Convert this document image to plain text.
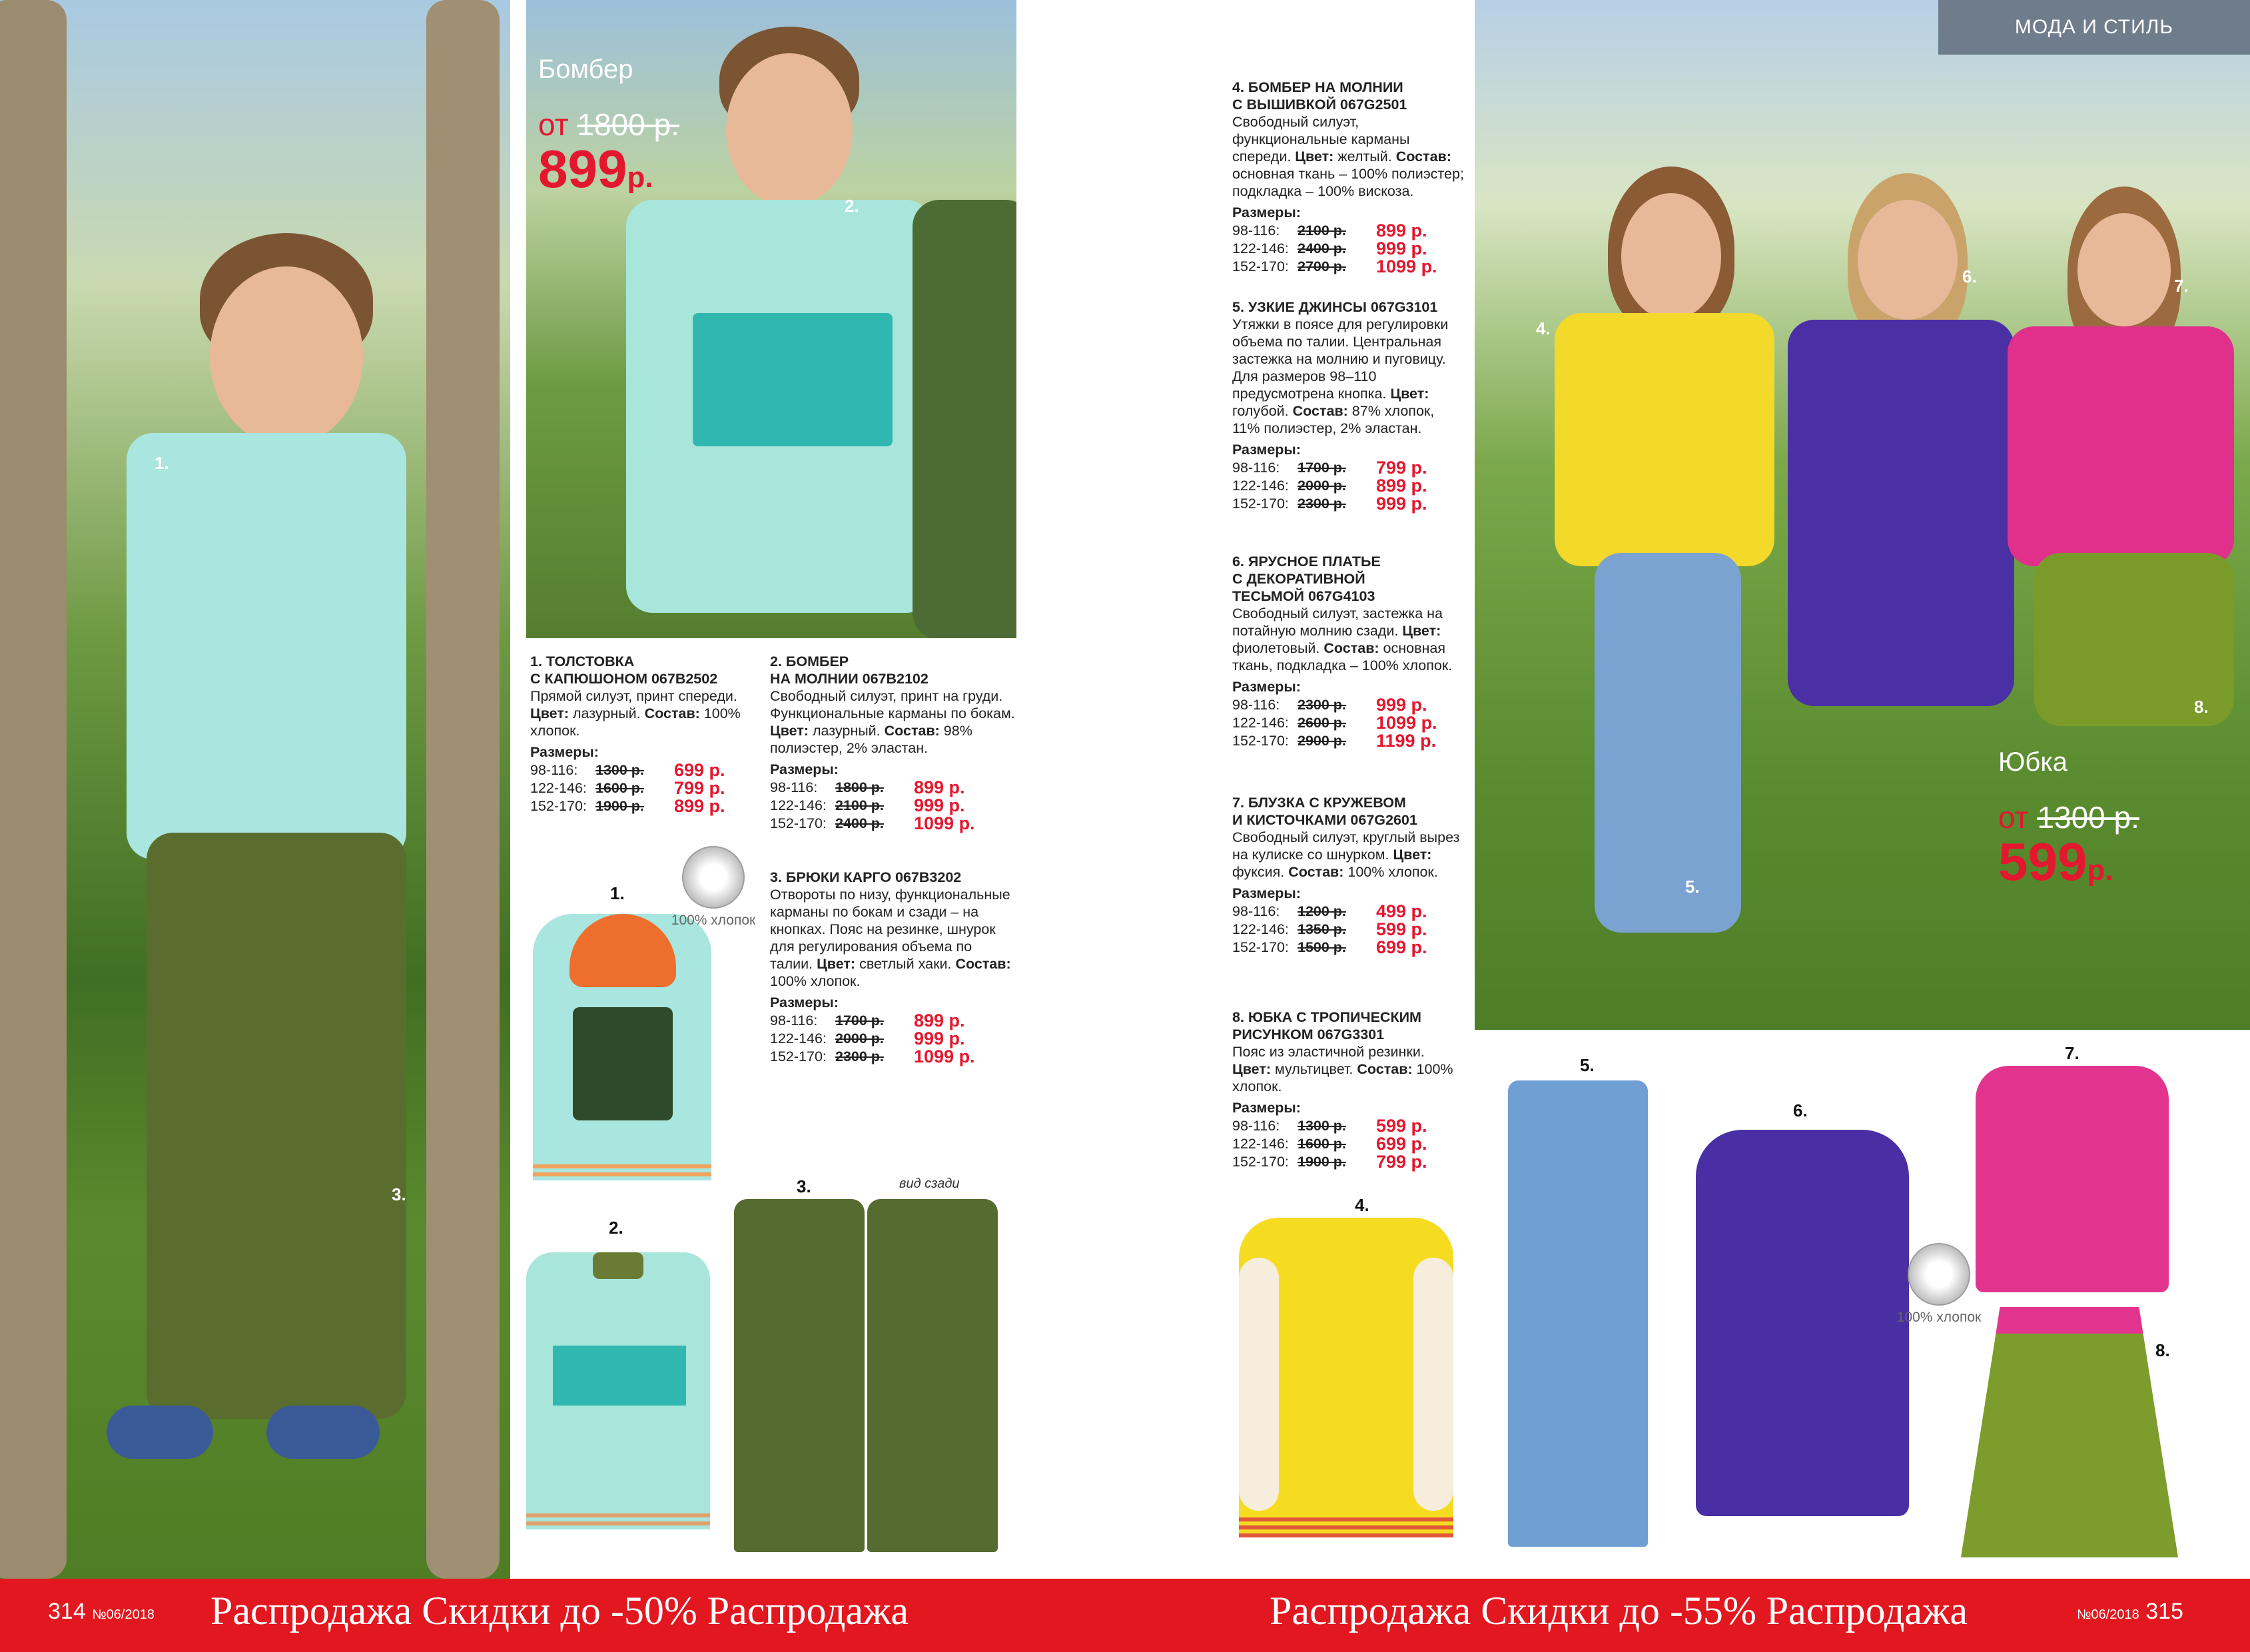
1.
3.
2.
Бомбер
от 1800 р.
899р.
4.
5.
6.	7.
8.
Юбка
от 1300 р.
599р.
МОДА И СТИЛЬ

1. ТОЛСТОВКА
С КАПЮШОНОМ 067B2502

Прямой силуэт, принт спереди. Цвет: лазурный. Состав: 100% хлопок.

Размеры:
98-116:	1300 р.	699 р.
122-146: 1600 р.	799 р.
152-170: 1900 р.	899 р.

2. БОМБЕР
НА МОЛНИИ 067B2102

Свободный силуэт, принт на груди. Функциональные карманы по бокам. Цвет: лазурный. Состав: 98% полиэстер, 2% эластан.

Размеры:
98-116:	1800 р.	899 р.
122-146: 2100 р.	999 р.
152-170: 2400 р.	1099 р.

3. БРЮКИ КАРГО 067B3202

Отвороты по низу, функциональные карманы по бокам и сзади – на кнопках. Пояс на резинке, шнурок для регулирования объема по талии. Цвет: светлый хаки. Состав: 100% хлопок.

Размеры:
98-116:	1700 р.	899 р.
122-146: 2000 р.	999 р.
152-170: 2300 р.	1099 р.

4. БОМБЕР НА МОЛНИИ
С ВЫШИВКОЙ 067G2501

Свободный силуэт, функциональные карманы спереди. Цвет: желтый. Состав: основная ткань – 100% полиэстер; подкладка – 100% вискоза.

Размеры:
98-116:	2100 р.	899 р.
122-146: 2400 р.	999 р.
152-170: 2700 р.	1099 р.

5. УЗКИЕ ДЖИНСЫ 067G3101

Утяжки в поясе для регулировки объема по талии. Центральная застежка на молнию и пуговицу. Для размеров 98–110 предусмотрена кнопка. Цвет: голубой. Состав: 87% хлопок, 11% полиэстер, 2% эластан.

Размеры:
98-116:	1700 р.	799 р.
122-146: 2000 р.	899 р.
152-170: 2300 р.	999 р.

6. ЯРУСНОЕ ПЛАТЬЕ
С ДЕКОРАТИВНОЙ
ТЕСЬМОЙ 067G4103

Свободный силуэт, застежка на потайную молнию сзади. Цвет: фиолетовый. Состав: основная ткань, подкладка – 100% хлопок.

Размеры:
98-116:	2300 р.	999 р.
122-146: 2600 р.	1099 р.
152-170: 2900 р.	1199 р.

7. БЛУЗКА С КРУЖЕВОМ
И КИСТОЧКАМИ 067G2601

Свободный силуэт, круглый вырез на кулиске со шнурком. Цвет: фуксия. Состав: 100% хлопок.

Размеры:
98-116:	1200 р.	499 р.
122-146: 1350 р.	599 р.
152-170: 1500 р.	699 р.

8. ЮБКА С ТРОПИЧЕСКИМ
РИСУНКОМ 067G3301

Пояс из эластичной резинки. Цвет: мультицвет. Состав: 100% хлопок.

Размеры:
98-116:	1300 р.	599 р.
122-146: 1600 р.	699 р.
152-170: 1900 р.	799 р.
1.
100% хлопок
2.
3.	вид сзади
4.
5.
6.
100% хлопок
7.
8.
314 №06/2018 Распродажа Скидки до -50% Распродажа	Распродажа Скидки до -55% Распродажа	№06/2018 315
